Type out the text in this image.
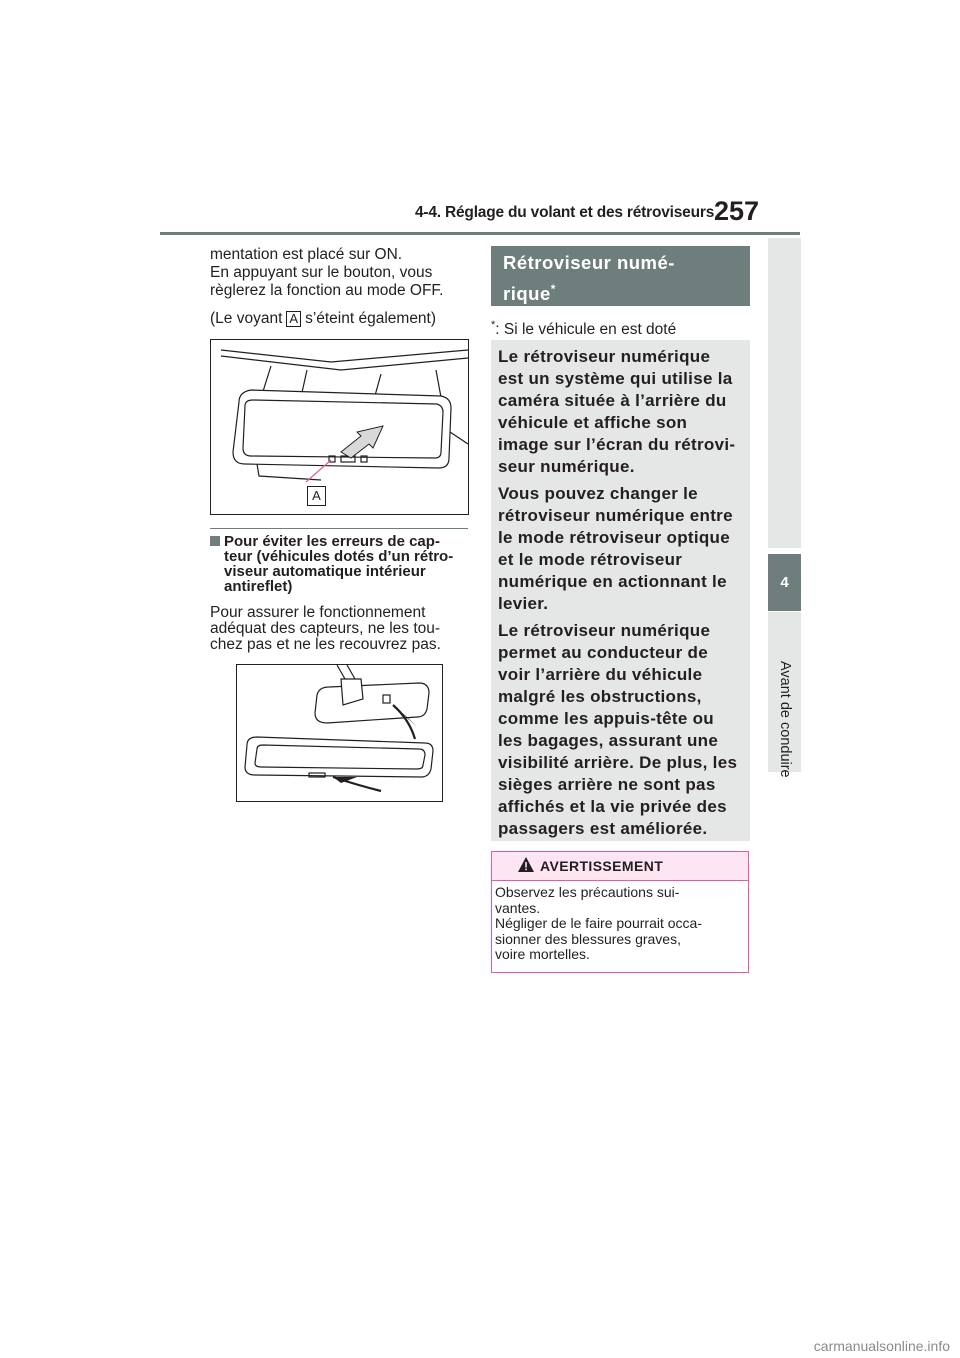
4-4. Réglage du volant et des rétroviseurs 257
4
Avant de conduire
mentation est placé sur ON.
En appuyant sur le bouton, vous
règlerez la fonction au mode OFF.
(Le voyant A s’éteint également)
A
Pour éviter les erreurs de cap-
teur (véhicules dotés d’un rétro-
viseur automatique intérieur
antireflet)
Pour assurer le fonctionnement
adéquat des capteurs, ne les tou-
chez pas et ne les recouvrez pas.
Rétroviseur numé-
rique*
*: Si le véhicule en est doté
Le rétroviseur numérique
est un système qui utilise la
caméra située à l’arrière du
véhicule et affiche son
image sur l’écran du rétrovi-
seur numérique.
Vous pouvez changer le
rétroviseur numérique entre
le mode rétroviseur optique
et le mode rétroviseur
numérique en actionnant le
levier.
Le rétroviseur numérique
permet au conducteur de
voir l’arrière du véhicule
malgré les obstructions,
comme les appuis-tête ou
les bagages, assurant une
visibilité arrière. De plus, les
sièges arrière ne sont pas
affichés et la vie privée des
passagers est améliorée.
AVERTISSEMENT
Observez les précautions sui-
vantes.
Négliger de le faire pourrait occa-
sionner des blessures graves,
voire mortelles.
carmanualsonline.info
